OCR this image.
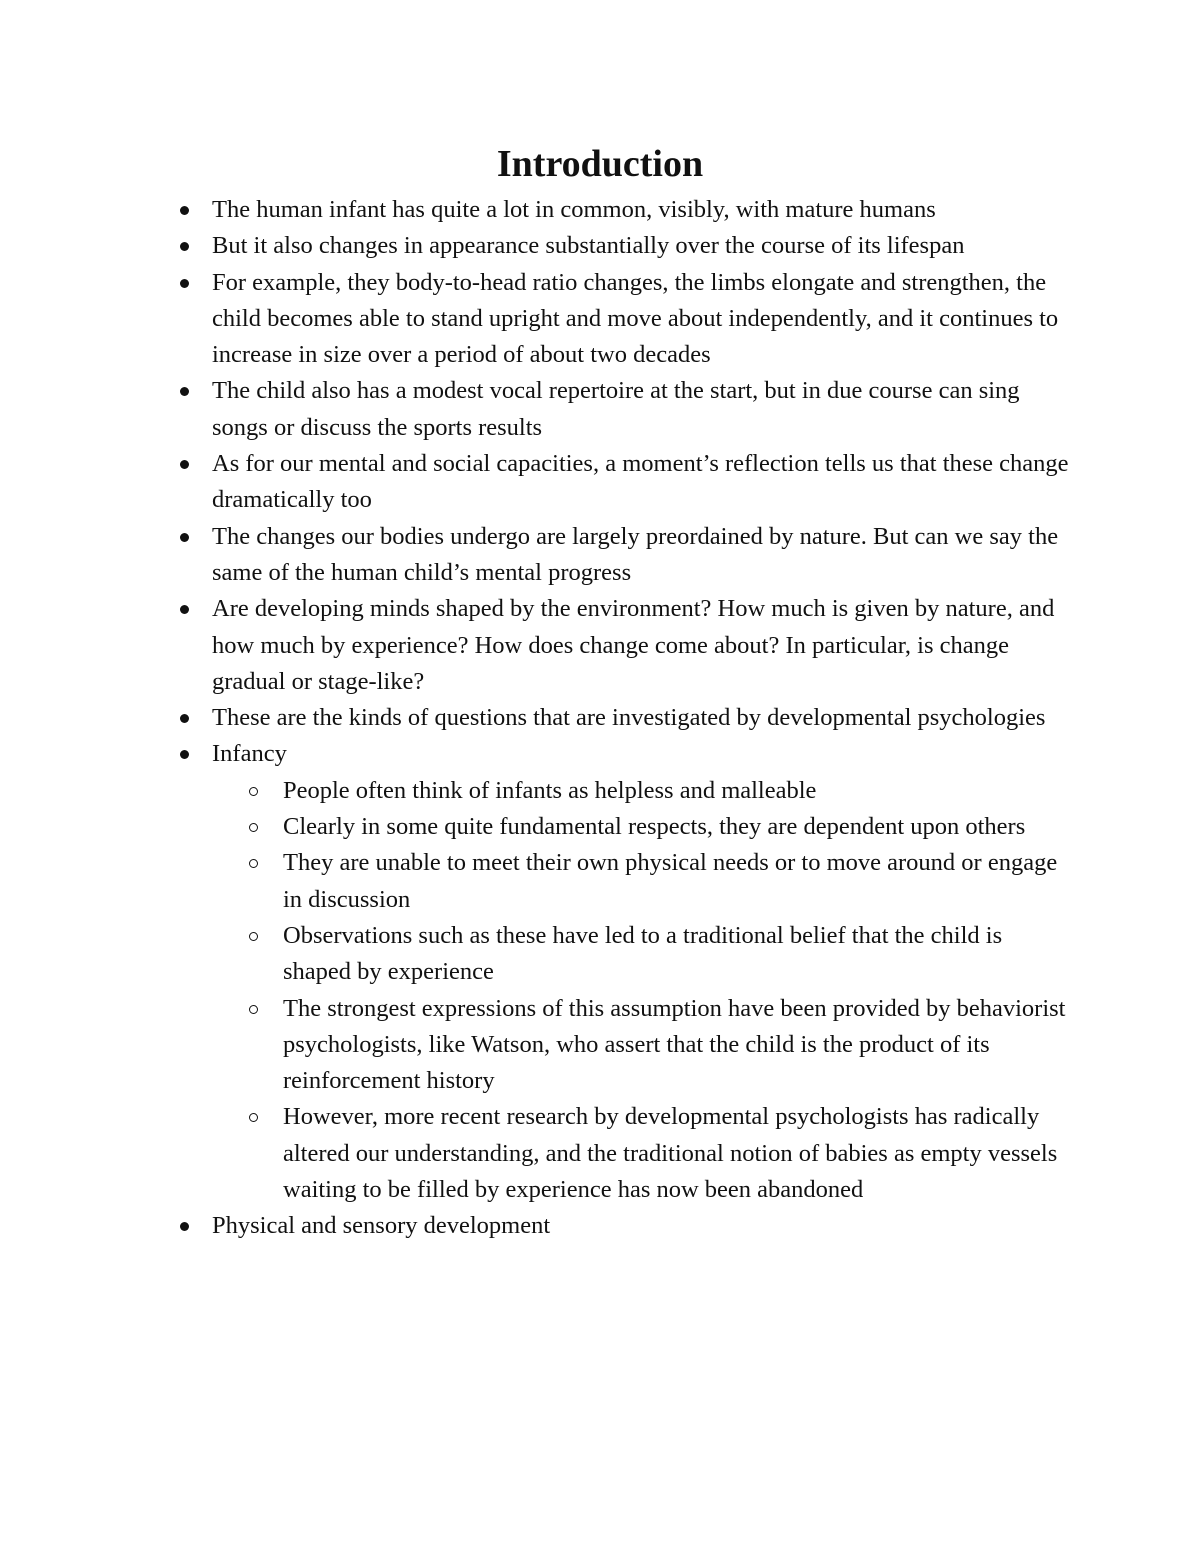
Introduction
The human infant has quite a lot in common, visibly, with mature humans
But it also changes in appearance substantially over the course of its lifespan
For example, they body-to-head ratio changes, the limbs elongate and strengthen, the child becomes able to stand upright and move about independently, and it continues to increase in size over a period of about two decades
The child also has a modest vocal repertoire at the start, but in due course can sing songs or discuss the sports results
As for our mental and social capacities, a moment’s reflection tells us that these change dramatically too
The changes our bodies undergo are largely preordained by nature. But can we say the same of the human child’s mental progress
Are developing minds shaped by the environment? How much is given by nature, and how much by experience? How does change come about? In particular, is change gradual or stage-like?
These are the kinds of questions that are investigated by developmental psychologies
Infancy
People often think of infants as helpless and malleable
Clearly in some quite fundamental respects, they are dependent upon others
They are unable to meet their own physical needs or to move around or engage in discussion
Observations such as these have led to a traditional belief that the child is shaped by experience
The strongest expressions of this assumption have been provided by behaviorist psychologists, like Watson, who assert that the child is the product of its reinforcement history
However, more recent research by developmental psychologists has radically altered our understanding, and the traditional notion of babies as empty vessels waiting to be filled by experience has now been abandoned
Physical and sensory development
